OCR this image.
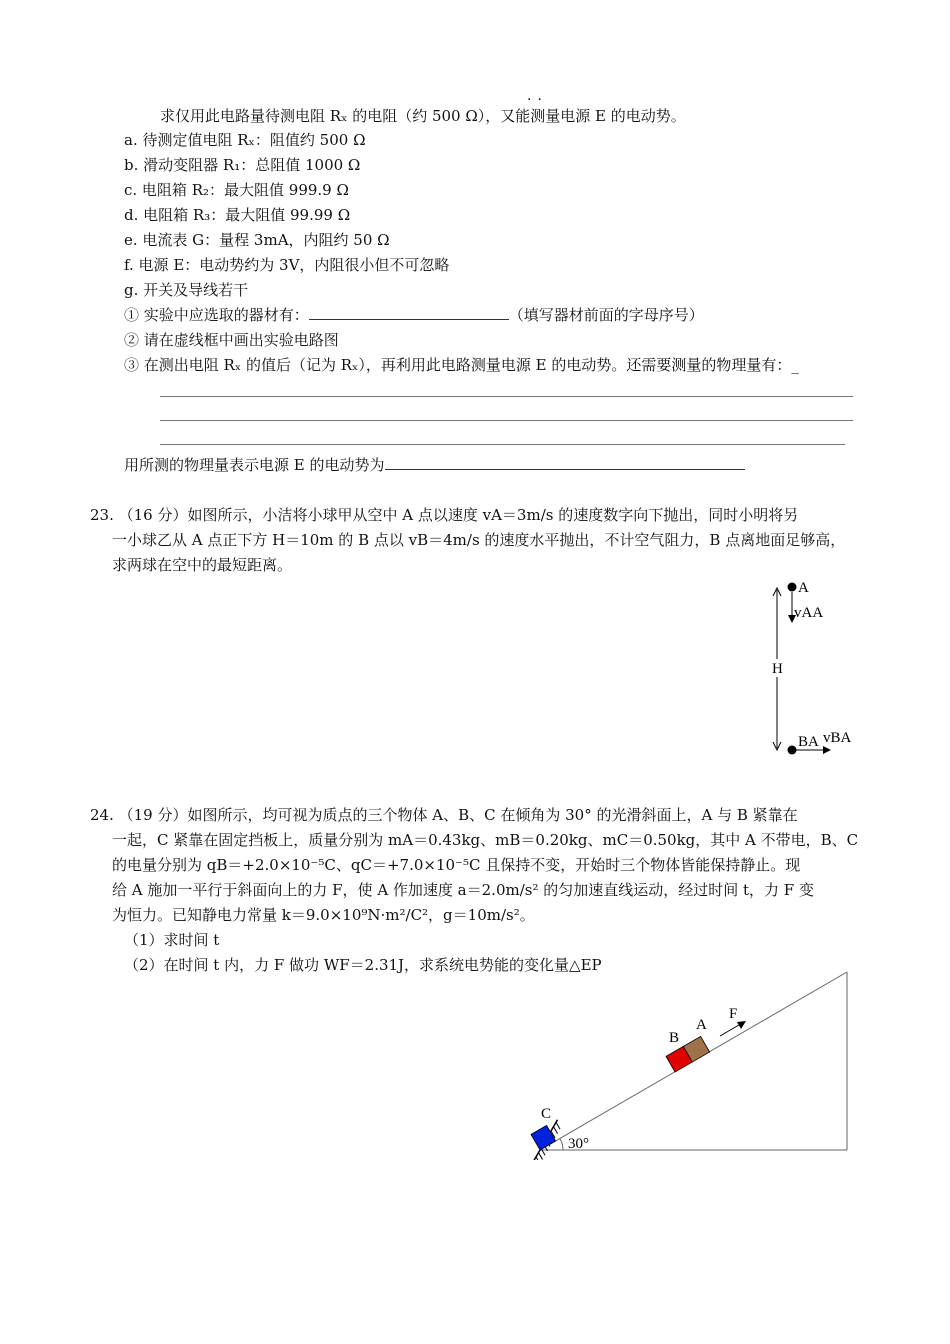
··
求仅用此电路量待测电阻 Rₓ 的电阻（约 500 Ω），又能测量电源 E 的电动势。
a. 待测定值电阻 Rₓ：阻值约 500 Ω
b. 滑动变阻器 R₁：总阻值 1000 Ω
c. 电阻箱 R₂：最大阻值 999.9 Ω
d. 电阻箱 R₃：最大阻值 99.99 Ω
e. 电流表 G：量程 3mA，内阻约 50 Ω
f. 电源 E：电动势约为 3V，内阻很小但不可忽略
g. 开关及导线若干
① 实验中应选取的器材有：	（填写器材前面的字母序号）
② 请在虚线框中画出实验电路图
③ 在测出电阻 Rₓ 的值后（记为 Rₓ），再利用此电路测量电源 E 的电动势。还需要测量的物理量有：_
用所测的物理量表示电源 E 的电动势为
23. （16 分）如图所示，小洁将小球甲从空中 A 点以速度 vA＝3m/s 的速度数字向下抛出，同时小明将另
一小球乙从 A 点正下方 H＝10m 的 B 点以 vB＝4m/s 的速度水平抛出，不计空气阻力，B 点离地面足够高，
求两球在空中的最短距离。
A
vAA
H
BA vBA
24. （19 分）如图所示，均可视为质点的三个物体 A、B、C 在倾角为 30° 的光滑斜面上，A 与 B 紧靠在
一起，C 紧靠在固定挡板上，质量分别为 mA＝0.43kg、mB＝0.20kg、mC＝0.50kg，其中 A 不带电，B、C
的电量分别为 qB＝+2.0×10⁻⁵C、qC＝+7.0×10⁻⁵C 且保持不变，开始时三个物体皆能保持静止。现
给 A 施加一平行于斜面向上的力 F，使 A 作加速度 a＝2.0m/s² 的匀加速直线运动，经过时间 t，力 F 变
为恒力。已知静电力常量 k＝9.0×10⁹N·m²/C²，g＝10m/s²。
（1）求时间 t
（2）在时间 t 内，力 F 做功 WF＝2.31J，求系统电势能的变化量△EP
30°
C
B
A
F
